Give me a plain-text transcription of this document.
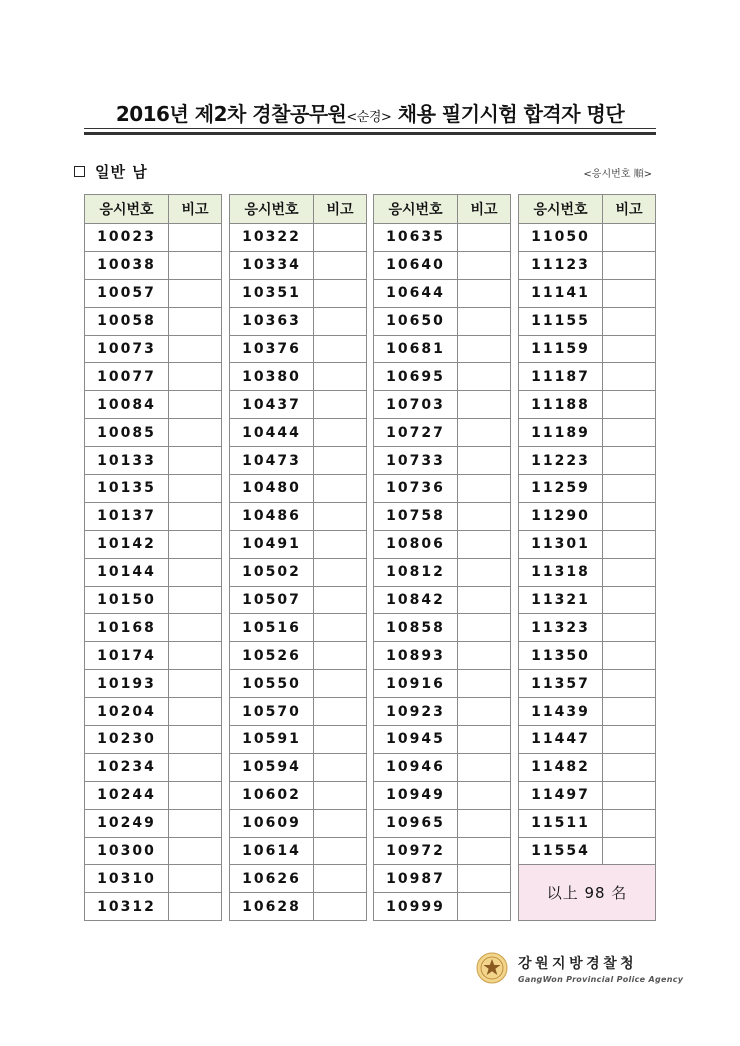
2016년 제2차 경찰공무원<순경> 채용 필기시험 합격자 명단
일반 남	<응시번호 順>
응시번호	비고
10023	
10038	
10057	
10058	
10073	
10077	
10084	
10085	
10133	
10135	
10137	
10142	
10144	
10150	
10168	
10174	
10193	
10204	
10230	
10234	
10244	
10249	
10300	
10310	
10312	
응시번호	비고
10322	
10334	
10351	
10363	
10376	
10380	
10437	
10444	
10473	
10480	
10486	
10491	
10502	
10507	
10516	
10526	
10550	
10570	
10591	
10594	
10602	
10609	
10614	
10626	
10628	
응시번호	비고
10635	
10640	
10644	
10650	
10681	
10695	
10703	
10727	
10733	
10736	
10758	
10806	
10812	
10842	
10858	
10893	
10916	
10923	
10945	
10946	
10949	
10965	
10972	
10987	
10999	
응시번호	비고
11050	
11123	
11141	
11155	
11159	
11187	
11188	
11189	
11223	
11259	
11290	
11301	
11318	
11321	
11323	
11350	
11357	
11439	
11447	
11482	
11497	
11511	
11554	
以上 98 名	
강원지방경찰청
GangWon Provincial Police Agency
